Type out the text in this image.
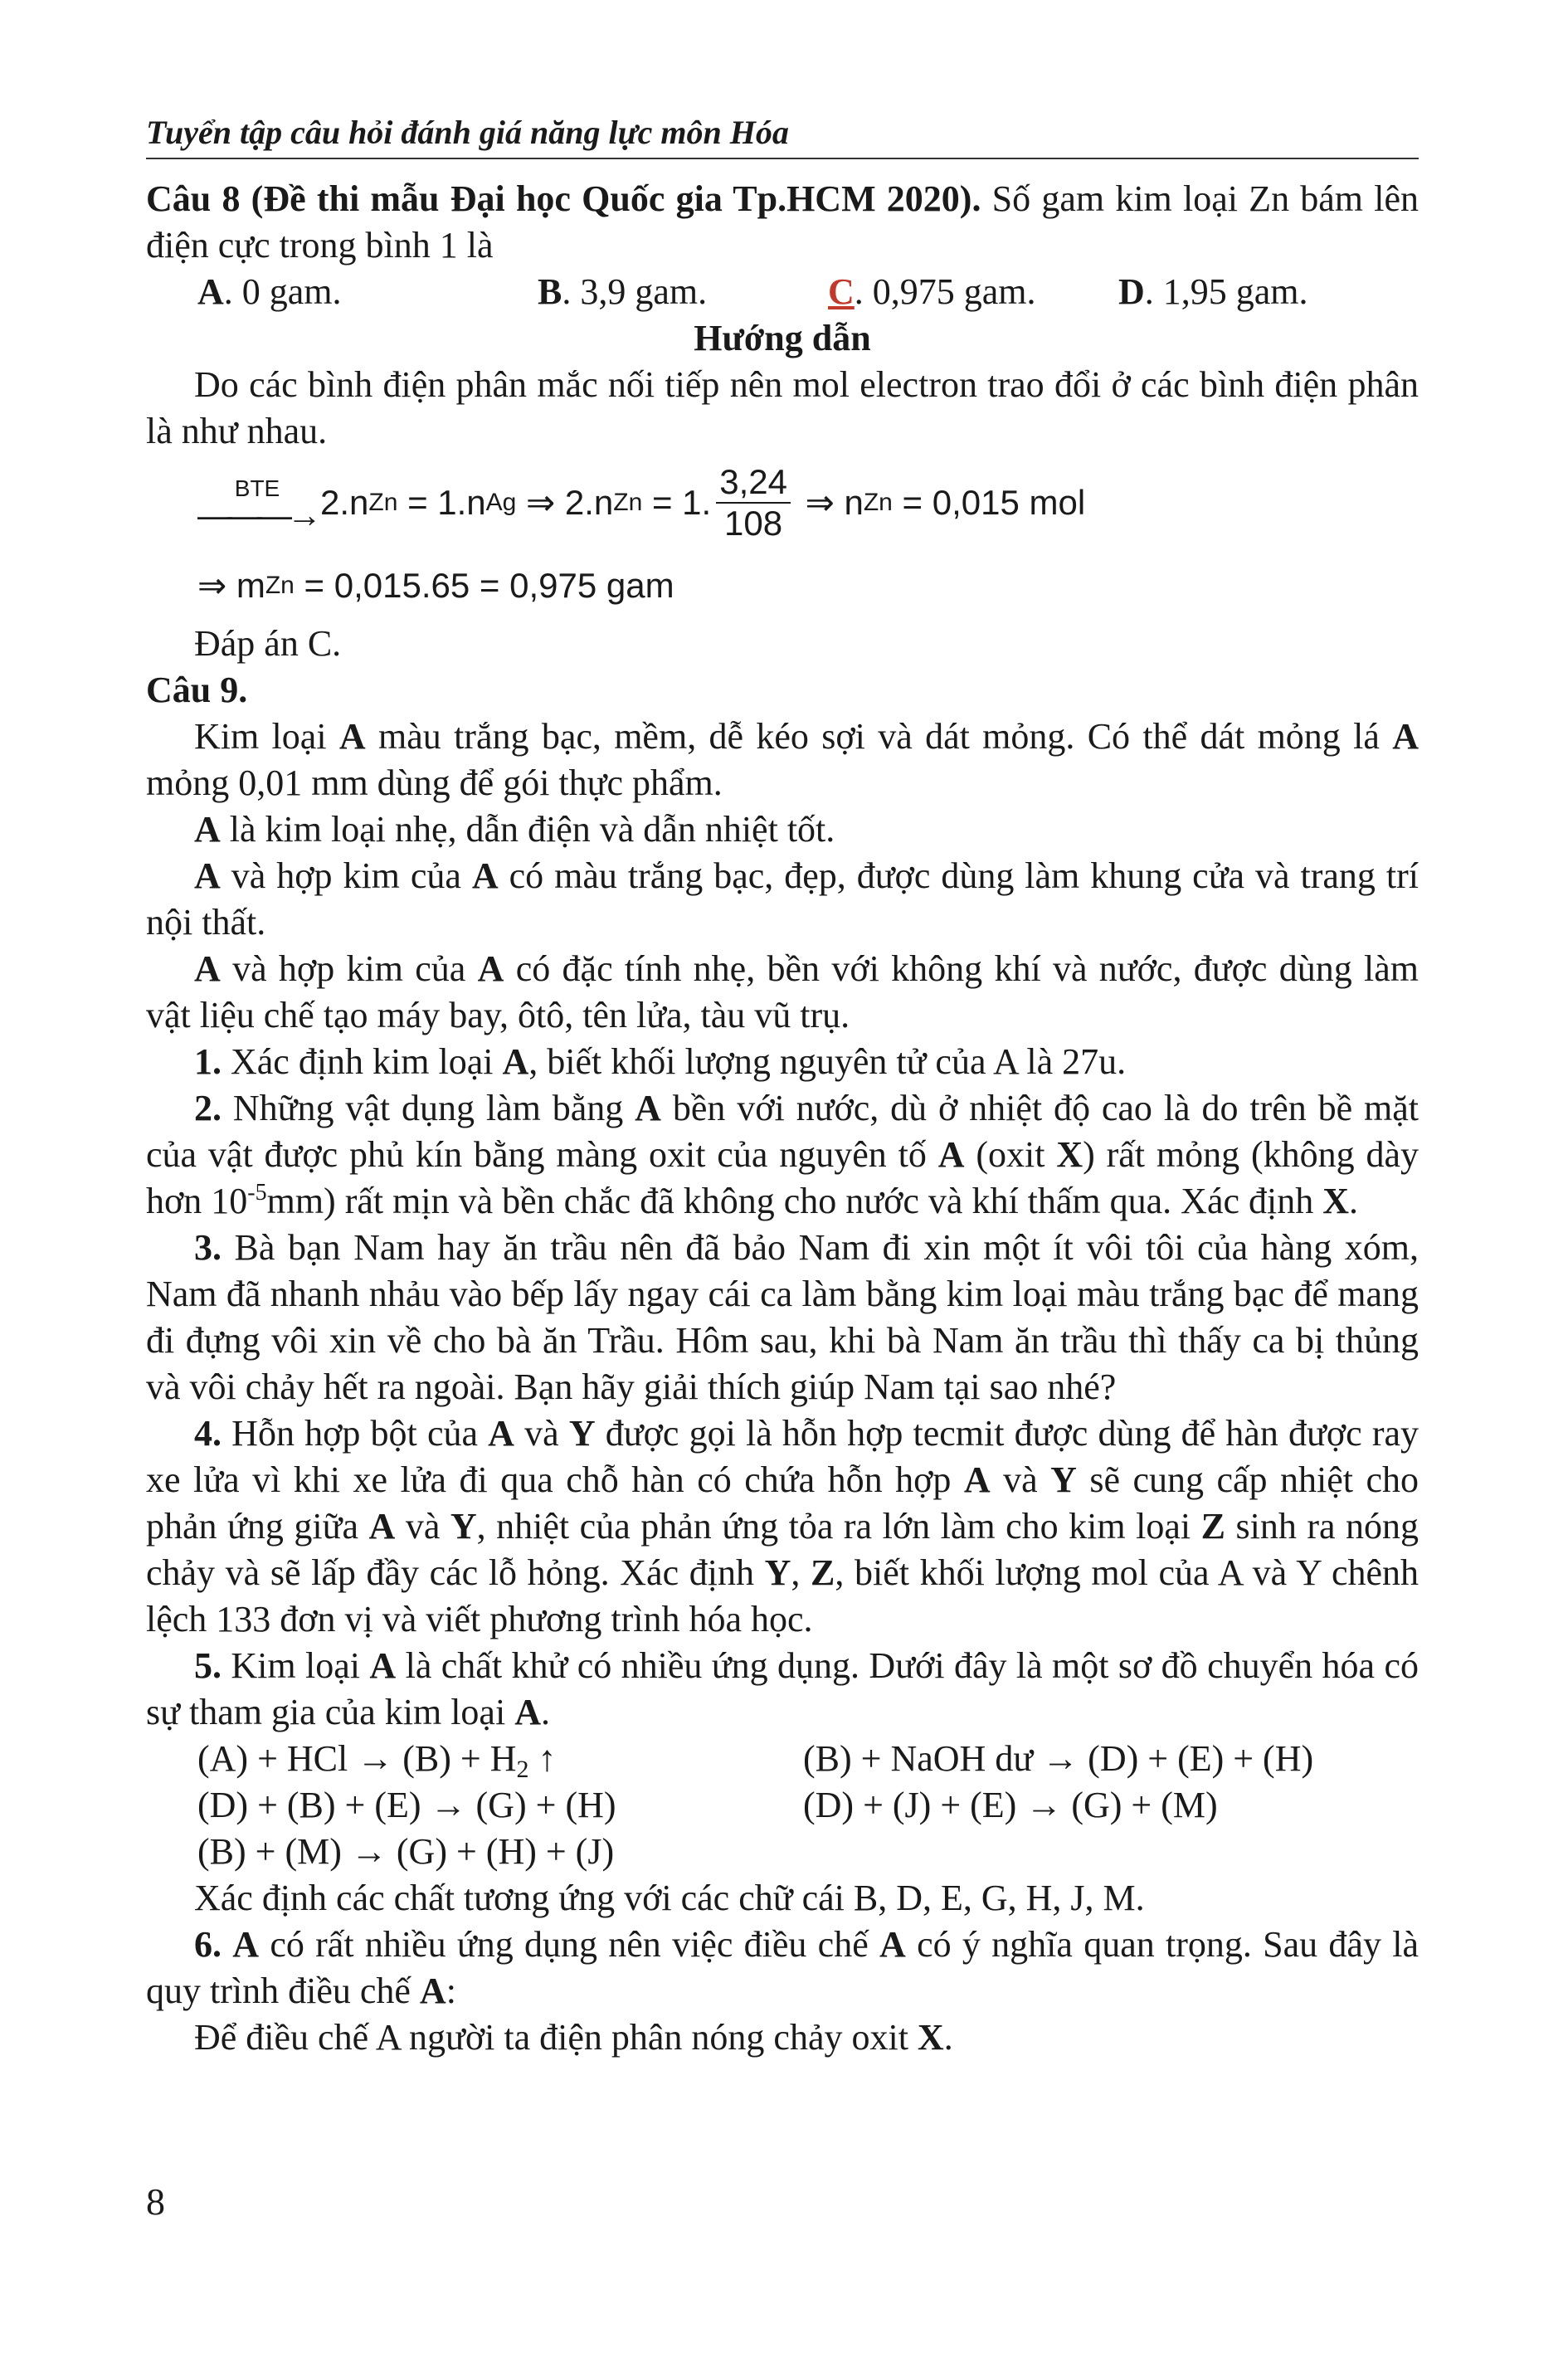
Tuyển tập câu hỏi đánh giá năng lực môn Hóa

Câu 8 (Đề thi mẫu Đại học Quốc gia Tp.HCM 2020). Số gam kim loại Zn bám lên điện cực trong bình 1 là

A. 0 gam.	B. 3,9 gam.	C. 0,975 gam.	D. 1,95 gam.

Hướng dẫn

Do các bình điện phân mắc nối tiếp nên mol electron trao đổi ở các bình điện phân là như nhau.

BTE
———→ 2.n Zn = 1.n Ag ⇒ 2.n Zn = 1. $\frac{3,24}{108}$ ⇒ n Zn = 0,015 mol
⇒ m Zn = 0,015.65 = 0,975 gam

Đáp án C.

Câu 9.

Kim loại A màu trắng bạc, mềm, dễ kéo sợi và dát mỏng. Có thể dát mỏng lá A mỏng 0,01 mm dùng để gói thực phẩm.

A là kim loại nhẹ, dẫn điện và dẫn nhiệt tốt.

A và hợp kim của A có màu trắng bạc, đẹp, được dùng làm khung cửa và trang trí nội thất.

A và hợp kim của A có đặc tính nhẹ, bền với không khí và nước, được dùng làm vật liệu chế tạo máy bay, ôtô, tên lửa, tàu vũ trụ.

1. Xác định kim loại A, biết khối lượng nguyên tử của A là 27u.

2. Những vật dụng làm bằng A bền với nước, dù ở nhiệt độ cao là do trên bề mặt của vật được phủ kín bằng màng oxit của nguyên tố A (oxit X) rất mỏng (không dày hơn $10^{-5}mm$) rất mịn và bền chắc đã không cho nước và khí thấm qua. Xác định X.

3. Bà bạn Nam hay ăn trầu nên đã bảo Nam đi xin một ít vôi tôi của hàng xóm, Nam đã nhanh nhảu vào bếp lấy ngay cái ca làm bằng kim loại màu trắng bạc để mang đi đựng vôi xin về cho bà ăn Trầu. Hôm sau, khi bà Nam ăn trầu thì thấy ca bị thủng và vôi chảy hết ra ngoài. Bạn hãy giải thích giúp Nam tại sao nhé?

4. Hỗn hợp bột của A và Y được gọi là hỗn hợp tecmit được dùng để hàn được ray xe lửa vì khi xe lửa đi qua chỗ hàn có chứa hỗn hợp A và Y sẽ cung cấp nhiệt cho phản ứng giữa A và Y, nhiệt của phản ứng tỏa ra lớn làm cho kim loại Z sinh ra nóng chảy và sẽ lấp đầy các lỗ hỏng. Xác định Y, Z, biết khối lượng mol của A và Y chênh lệch 133 đơn vị và viết phương trình hóa học.

5. Kim loại A là chất khử có nhiều ứng dụng. Dưới đây là một sơ đồ chuyển hóa có sự tham gia của kim loại A.

(A) + HCl → (B) + H2 ↑	(B) + NaOH dư → (D) + (E) + (H)
(D) + (B) + (E) → (G) + (H)	(D) + (J) + (E) → (G) + (M)
(B) + (M) → (G) + (H) + (J)

Xác định các chất tương ứng với các chữ cái B, D, E, G, H, J, M.

6. A có rất nhiều ứng dụng nên việc điều chế A có ý nghĩa quan trọng. Sau đây là quy trình điều chế A:

Để điều chế A người ta điện phân nóng chảy oxit X.

8
